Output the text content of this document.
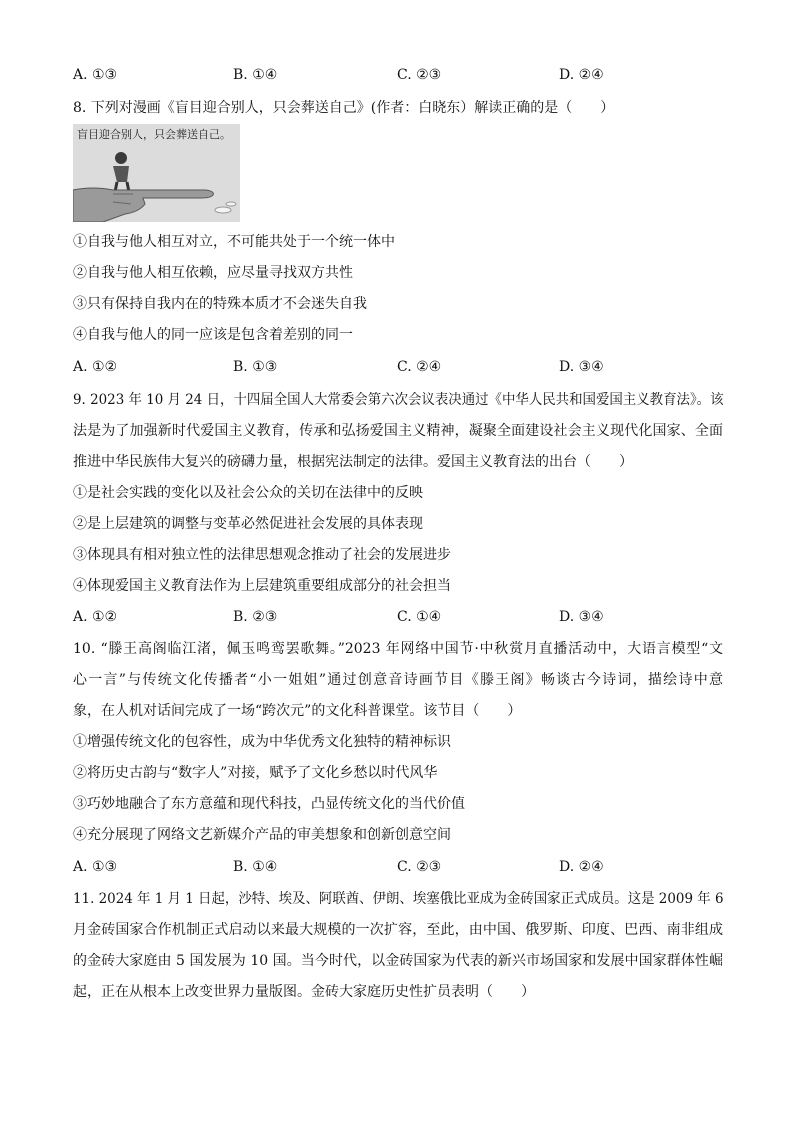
A. ①③	B. ①④	C. ②③	D. ②④
8. 下列对漫画《盲目迎合别人，只会葬送自己》(作者：白晓东）解读正确的是（　　）
盲目迎合别人，只会葬送自己。
①自我与他人相互对立，不可能共处于一个统一体中
②自我与他人相互依赖，应尽量寻找双方共性
③只有保持自我内在的特殊本质才不会迷失自我
④自我与他人的同一应该是包含着差别的同一
A. ①②	B. ①③	C. ②④	D. ③④
9. 2023 年 10 月 24 日，十四届全国人大常委会第六次会议表决通过《中华人民共和国爱国主义教育法》。该
法是为了加强新时代爱国主义教育，传承和弘扬爱国主义精神，凝聚全面建设社会主义现代化国家、全面
推进中华民族伟大复兴的磅礴力量，根据宪法制定的法律。爱国主义教育法的出台（　　）
①是社会实践的变化以及社会公众的关切在法律中的反映
②是上层建筑的调整与变革必然促进社会发展的具体表现
③体现具有相对独立性的法律思想观念推动了社会的发展进步
④体现爱国主义教育法作为上层建筑重要组成部分的社会担当
A. ①②	B. ②③	C. ①④	D. ③④
10. “滕王高阁临江渚，佩玉鸣鸾罢歌舞。”2023 年网络中国节·中秋赏月直播活动中，大语言模型“文
心一言”与传统文化传播者“小一姐姐”通过创意音诗画节目《滕王阁》畅谈古今诗词，描绘诗中意
象，在人机对话间完成了一场“跨次元”的文化科普课堂。该节目（　　）
①增强传统文化的包容性，成为中华优秀文化独特的精神标识
②将历史古韵与“数字人”对接，赋予了文化乡愁以时代风华
③巧妙地融合了东方意蕴和现代科技，凸显传统文化的当代价值
④充分展现了网络文艺新媒介产品的审美想象和创新创意空间
A. ①③	B. ①④	C. ②③	D. ②④
11. 2024 年 1 月 1 日起，沙特、埃及、阿联酋、伊朗、埃塞俄比亚成为金砖国家正式成员。这是 2009 年 6
月金砖国家合作机制正式启动以来最大规模的一次扩容，至此，由中国、俄罗斯、印度、巴西、南非组成
的金砖大家庭由 5 国发展为 10 国。当今时代，以金砖国家为代表的新兴市场国家和发展中国家群体性崛
起，正在从根本上改变世界力量版图。金砖大家庭历史性扩员表明（　　）
